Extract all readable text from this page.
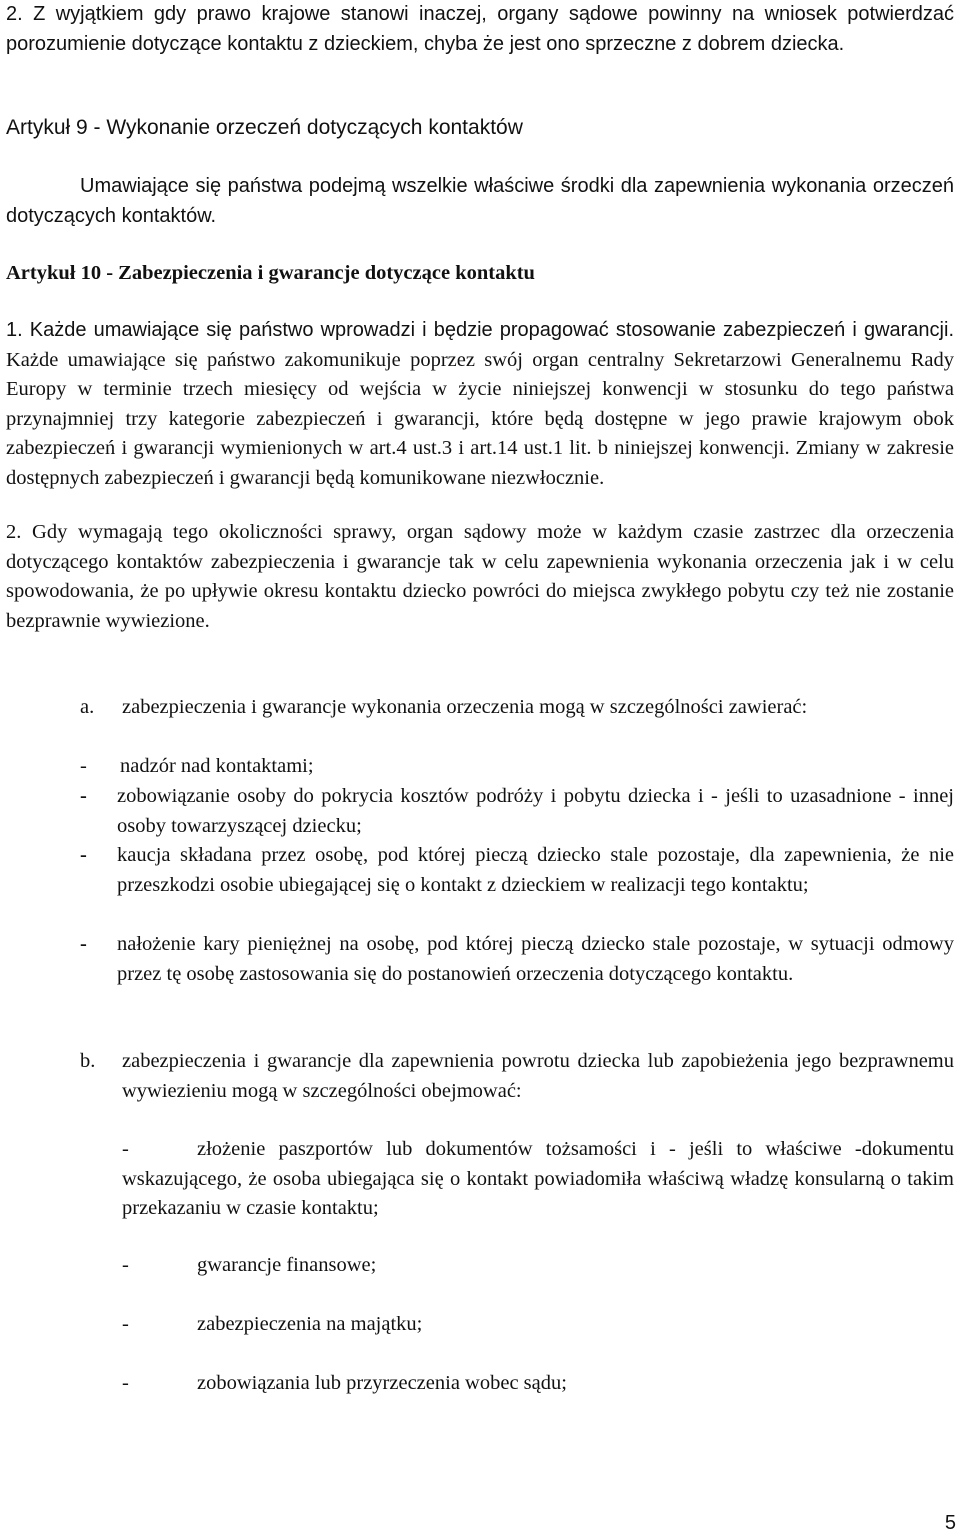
2. Z wyjątkiem gdy prawo krajowe stanowi inaczej, organy sądowe powinny na wniosek potwierdzać porozumienie dotyczące kontaktu z dzieckiem, chyba że jest ono sprzeczne z dobrem dziecka.
Artykuł 9 - Wykonanie orzeczeń dotyczących kontaktów
Umawiające się państwa podejmą wszelkie właściwe środki dla zapewnienia wykonania orzeczeń dotyczących kontaktów.
Artykuł 10 - Zabezpieczenia i gwarancje dotyczące kontaktu
1. Każde umawiające się państwo wprowadzi i będzie propagować stosowanie zabezpieczeń i gwarancji. Każde umawiające się państwo zakomunikuje poprzez swój organ centralny Sekretarzowi Generalnemu Rady Europy w terminie trzech miesięcy od wejścia w życie niniejszej konwencji w stosunku do tego państwa przynajmniej trzy kategorie zabezpieczeń i gwarancji, które będą dostępne w jego prawie krajowym obok zabezpieczeń i gwarancji wymienionych w art.4 ust.3 i art.14 ust.1 lit. b niniejszej konwencji. Zmiany w zakresie dostępnych zabezpieczeń i gwarancji będą komunikowane niezwłocznie.
2. Gdy wymagają tego okoliczności sprawy, organ sądowy może w każdym czasie zastrzec dla orzeczenia dotyczącego kontaktów zabezpieczenia i gwarancje tak w celu zapewnienia wykonania orzeczenia jak i w celu spowodowania, że po upływie okresu kontaktu dziecko powróci do miejsca zwykłego pobytu czy też nie zostanie bezprawnie wywiezione.
a. zabezpieczenia i gwarancje wykonania orzeczenia mogą w szczególności zawierać:
- nadzór nad kontaktami;
- zobowiązanie osoby do pokrycia kosztów podróży i pobytu dziecka i - jeśli to uzasadnione - innej osoby towarzyszącej dziecku;
- kaucja składana przez osobę, pod której pieczą dziecko stale pozostaje, dla zapewnienia, że nie przeszkodzi osobie ubiegającej się o kontakt z dzieckiem w realizacji tego kontaktu;
- nałożenie kary pieniężnej na osobę, pod której pieczą dziecko stale pozostaje, w sytuacji odmowy przez tę osobę zastosowania się do postanowień orzeczenia dotyczącego kontaktu.
b. zabezpieczenia i gwarancje dla zapewnienia powrotu dziecka lub zapobieżenia jego bezprawnemu wywiezieniu mogą w szczególności obejmować:
-	złożenie paszportów lub dokumentów tożsamości i - jeśli to właściwe -dokumentu wskazującego, że osoba ubiegająca się o kontakt powiadomiła właściwą władzę konsularną o takim przekazaniu w czasie kontaktu;
-	gwarancje finansowe;
-	zabezpieczenia na majątku;
-	zobowiązania lub przyrzeczenia wobec sądu;
5
